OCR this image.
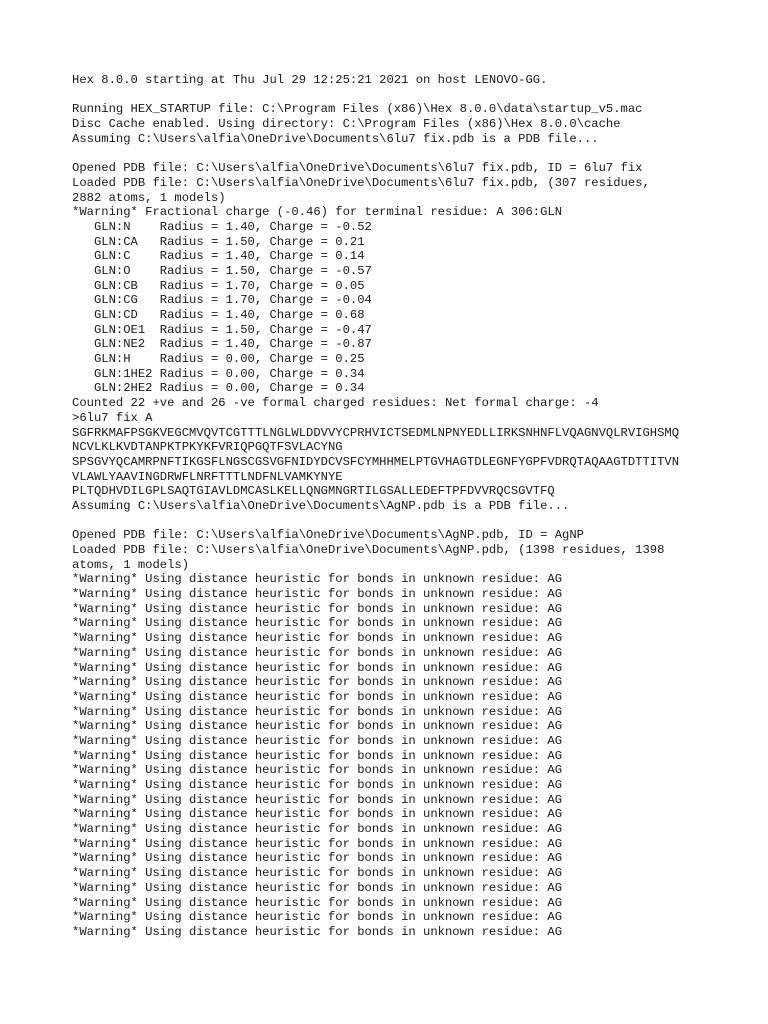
Hex 8.0.0 starting at Thu Jul 29 12:25:21 2021 on host LENOVO-GG.
Running HEX_STARTUP file: C:\Program Files (x86)\Hex 8.0.0\data\startup_v5.mac
Disc Cache enabled. Using directory: C:\Program Files (x86)\Hex 8.0.0\cache
Assuming C:\Users\alfia\OneDrive\Documents\6lu7 fix.pdb is a PDB file...
Opened PDB file: C:\Users\alfia\OneDrive\Documents\6lu7 fix.pdb, ID = 6lu7 fix
Loaded PDB file: C:\Users\alfia\OneDrive\Documents\6lu7 fix.pdb, (307 residues,
2882 atoms, 1 models)
*Warning* Fractional charge (-0.46) for terminal residue: A 306:GLN
GLN:N    Radius = 1.40, Charge = -0.52
GLN:CA   Radius = 1.50, Charge = 0.21
GLN:C    Radius = 1.40, Charge = 0.14
GLN:O    Radius = 1.50, Charge = -0.57
GLN:CB   Radius = 1.70, Charge = 0.05
GLN:CG   Radius = 1.70, Charge = -0.04
GLN:CD   Radius = 1.40, Charge = 0.68
GLN:OE1  Radius = 1.50, Charge = -0.47
GLN:NE2  Radius = 1.40, Charge = -0.87
GLN:H    Radius = 0.00, Charge = 0.25
GLN:1HE2 Radius = 0.00, Charge = 0.34
GLN:2HE2 Radius = 0.00, Charge = 0.34
Counted 22 +ve and 26 -ve formal charged residues: Net formal charge: -4
>6lu7 fix A
SGFRKMAFPSGKVEGCMVQVTCGTTTLNGLWLDDVVYCPRHVICTSEDMLNPNYEDLLIRKSNHNFLVQAGNVQLRVIGHSMQ
NCVLKLKVDTANPKTPKYKFVRIQPGQTFSVLACYNG
SPSGVYQCAMRPNFTIKGSFLNGSCGSVGFNIDYDCVSFCYMHHMELPTGVHAGTDLEGNFYGPFVDRQTAQAAGTDTTITVN
VLAWLYAAVINGDRWFLNRFTTTLNDFNLVAMKYNYE
PLTQDHVDILGPLSAQTGIAVLDMCASLKELLQNGMNGRTILGSALLEDEFTPFDVVRQCSGVTFQ
Assuming C:\Users\alfia\OneDrive\Documents\AgNP.pdb is a PDB file...
Opened PDB file: C:\Users\alfia\OneDrive\Documents\AgNP.pdb, ID = AgNP
Loaded PDB file: C:\Users\alfia\OneDrive\Documents\AgNP.pdb, (1398 residues, 1398
atoms, 1 models)
*Warning* Using distance heuristic for bonds in unknown residue: AG
*Warning* Using distance heuristic for bonds in unknown residue: AG
*Warning* Using distance heuristic for bonds in unknown residue: AG
*Warning* Using distance heuristic for bonds in unknown residue: AG
*Warning* Using distance heuristic for bonds in unknown residue: AG
*Warning* Using distance heuristic for bonds in unknown residue: AG
*Warning* Using distance heuristic for bonds in unknown residue: AG
*Warning* Using distance heuristic for bonds in unknown residue: AG
*Warning* Using distance heuristic for bonds in unknown residue: AG
*Warning* Using distance heuristic for bonds in unknown residue: AG
*Warning* Using distance heuristic for bonds in unknown residue: AG
*Warning* Using distance heuristic for bonds in unknown residue: AG
*Warning* Using distance heuristic for bonds in unknown residue: AG
*Warning* Using distance heuristic for bonds in unknown residue: AG
*Warning* Using distance heuristic for bonds in unknown residue: AG
*Warning* Using distance heuristic for bonds in unknown residue: AG
*Warning* Using distance heuristic for bonds in unknown residue: AG
*Warning* Using distance heuristic for bonds in unknown residue: AG
*Warning* Using distance heuristic for bonds in unknown residue: AG
*Warning* Using distance heuristic for bonds in unknown residue: AG
*Warning* Using distance heuristic for bonds in unknown residue: AG
*Warning* Using distance heuristic for bonds in unknown residue: AG
*Warning* Using distance heuristic for bonds in unknown residue: AG
*Warning* Using distance heuristic for bonds in unknown residue: AG
*Warning* Using distance heuristic for bonds in unknown residue: AG
